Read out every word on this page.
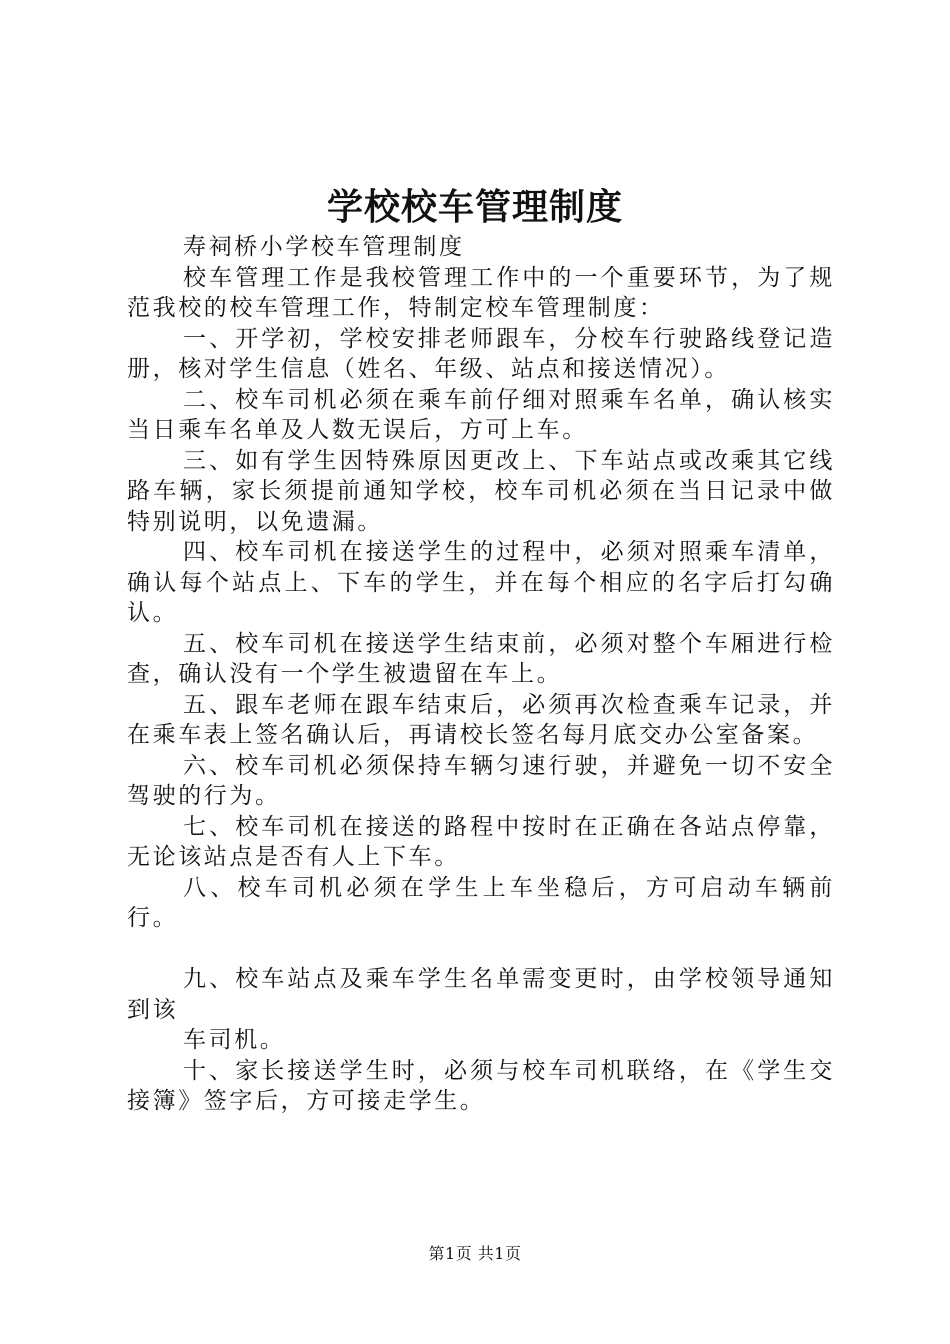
学校校车管理制度

寿祠桥小学校车管理制度

校车管理工作是我校管理工作中的一个重要环节，为了规范我校的校车管理工作，特制定校车管理制度：

一、开学初，学校安排老师跟车，分校车行驶路线登记造册，核对学生信息（姓名、年级、站点和接送情况）。

二、校车司机必须在乘车前仔细对照乘车名单，确认核实当日乘车名单及人数无误后，方可上车。

三、如有学生因特殊原因更改上、下车站点或改乘其它线路车辆，家长须提前通知学校，校车司机必须在当日记录中做特别说明，以免遗漏。

四、校车司机在接送学生的过程中，必须对照乘车清单，确认每个站点上、下车的学生，并在每个相应的名字后打勾确认。

五、校车司机在接送学生结束前，必须对整个车厢进行检查，确认没有一个学生被遗留在车上。

五、跟车老师在跟车结束后，必须再次检查乘车记录，并在乘车表上签名确认后，再请校长签名每月底交办公室备案。

六、校车司机必须保持车辆匀速行驶，并避免一切不安全驾驶的行为。

七、校车司机在接送的路程中按时在正确在各站点停靠，无论该站点是否有人上下车。

八、校车司机必须在学生上车坐稳后，方可启动车辆前行。

九、校车站点及乘车学生名单需变更时，由学校领导通知到该

车司机。

十、家长接送学生时，必须与校车司机联络，在《学生交接簿》签字后，方可接走学生。

第1页 共1页
